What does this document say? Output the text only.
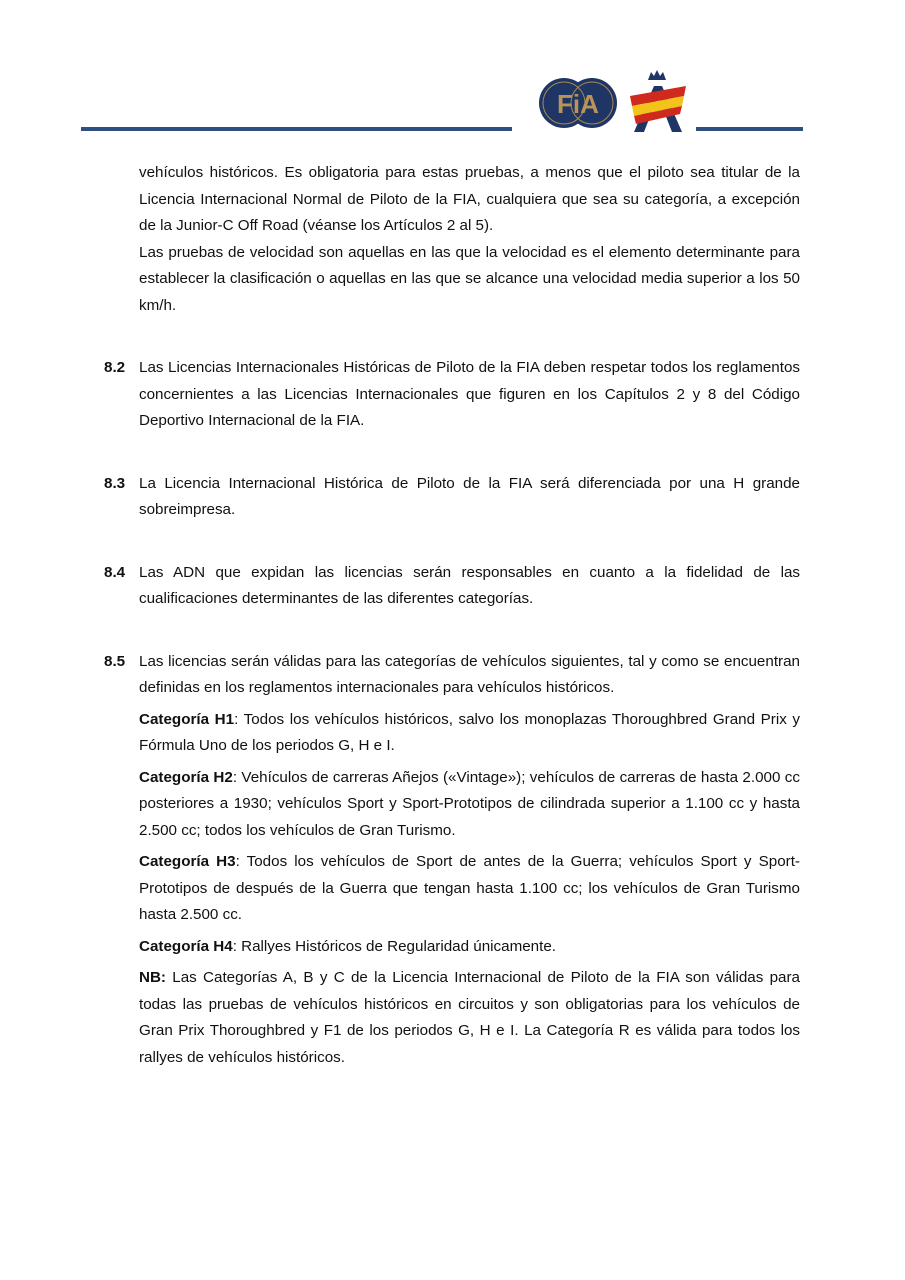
FiA

vehículos históricos. Es obligatoria para estas pruebas, a menos que el piloto sea titular de la Licencia Internacional Normal de Piloto de la FIA, cualquiera que sea su categoría, a excepción de la Junior-C Off Road (véanse los Artículos 2 al 5).

Las pruebas de velocidad son aquellas en las que la velocidad es el elemento determinante para establecer la clasificación o aquellas en las que se alcance una velocidad media superior a los 50 km/h.

8.2 Las Licencias Internacionales Históricas de Piloto de la FIA deben respetar todos los reglamentos concernientes a las Licencias Internacionales que figuren en los Capítulos 2 y 8 del Código Deportivo Internacional de la FIA.

8.3 La Licencia Internacional Histórica de Piloto de la FIA será diferenciada por una H grande sobreimpresa.

8.4 Las ADN que expidan las licencias serán responsables en cuanto a la fidelidad de las cualificaciones determinantes de las diferentes categorías.

8.5 Las licencias serán válidas para las categorías de vehículos siguientes, tal y como se encuentran definidas en los reglamentos internacionales para vehículos históricos.

Categoría H1: Todos los vehículos históricos, salvo los monoplazas Thoroughbred Grand Prix y Fórmula Uno de los periodos G, H e I.

Categoría H2: Vehículos de carreras Añejos («Vintage»); vehículos de carreras de hasta 2.000 cc posteriores a 1930; vehículos Sport y Sport-Prototipos de cilindrada superior a 1.100 cc y hasta 2.500 cc; todos los vehículos de Gran Turismo.

Categoría H3: Todos los vehículos de Sport de antes de la Guerra; vehículos Sport y Sport-Prototipos de después de la Guerra que tengan hasta 1.100 cc; los vehículos de Gran Turismo hasta 2.500 cc.

Categoría H4: Rallyes Históricos de Regularidad únicamente.

NB: Las Categorías A, B y C de la Licencia Internacional de Piloto de la FIA son válidas para todas las pruebas de vehículos históricos en circuitos y son obligatorias para los vehículos de Gran Prix Thoroughbred y F1 de los periodos G, H e I. La Categoría R es válida para todos los rallyes de vehículos históricos.
